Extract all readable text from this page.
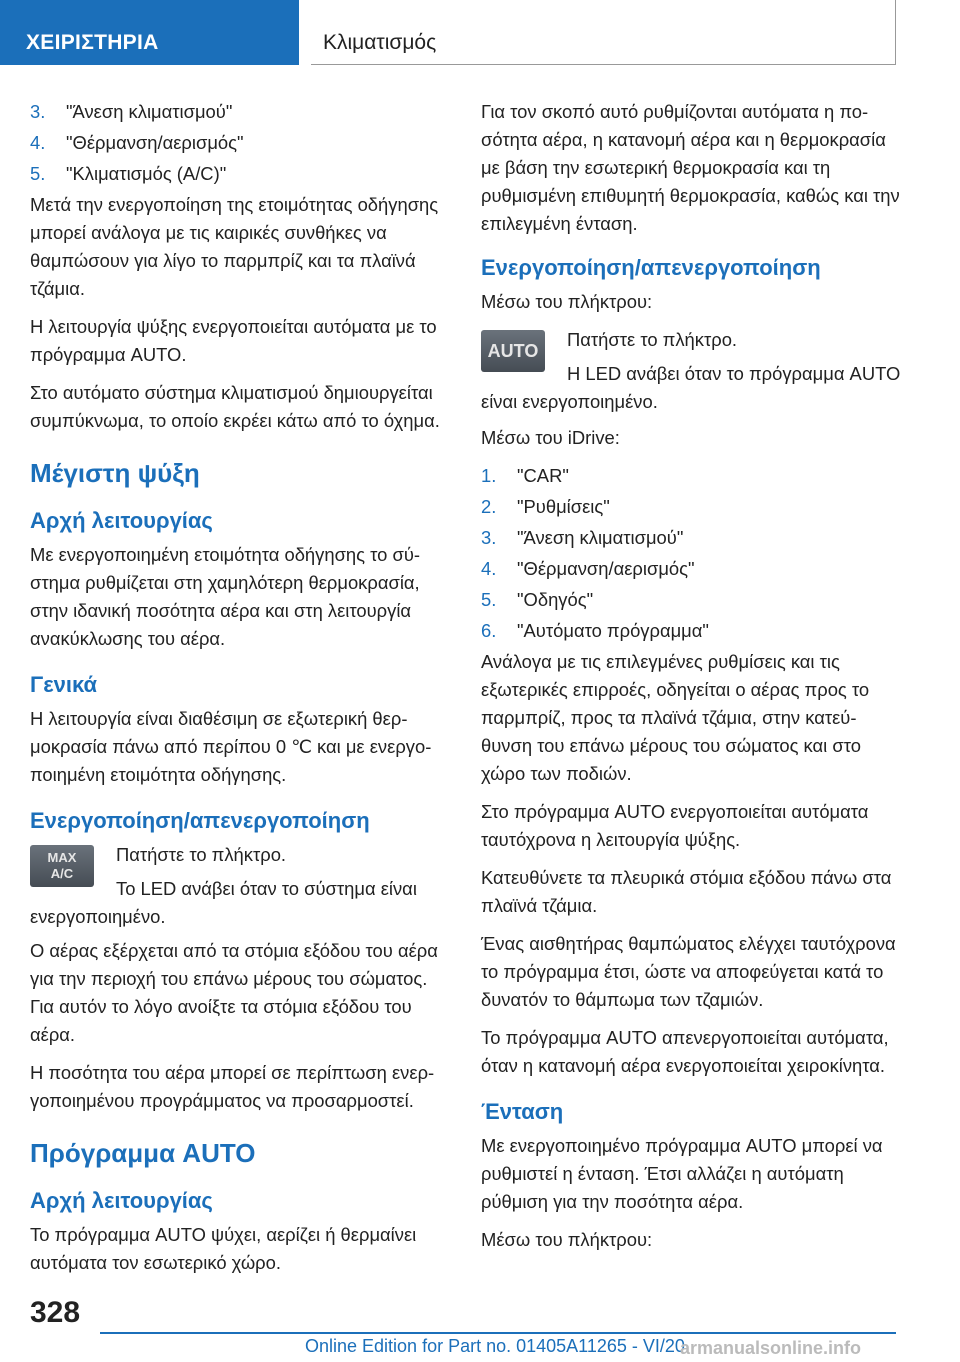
ΧΕΙΡΙΣΤΗΡΙΑ	Κλιματισμός
3.	"Άνεση κλιματισμού"
4.	"Θέρμανση/αερισμός"
5.	"Κλιματισμός (A/C)"

Μετά την ενεργοποίηση της ετοιμότητας οδήγησης μπορεί ανάλογα με τις καιρικές συνθήκες να θαμπώσουν για λίγο το παρμπρίζ και τα πλαϊνά τζάμια.

Η λειτουργία ψύξης ενεργοποιείται αυτόματα με το πρόγραμμα AUTO.

Στο αυτόματο σύστημα κλιματισμού δημιουργείται συμπύκνωμα, το οποίο εκρέει κάτω από το όχημα.

Μέγιστη ψύξη
Αρχή λειτουργίας

Με ενεργοποιημένη ετοιμότητα οδήγησης το σύστημα ρυθμίζεται στη χαμηλότερη θερμοκρασία, στην ιδανική ποσότητα αέρα και στη λειτουργία ανακύκλωσης του αέρα.

Γενικά

Η λειτουργία είναι διαθέσιμη σε εξωτερική θερμοκρασία πάνω από περίπου 0 ℃ και με ενεργοποιημένη ετοιμότητα οδήγησης.

Ενεργοποίηση/απενεργοποίηση
MAX
A/C
Πατήστε το πλήκτρο.
Το LED ανάβει όταν το σύστημα είναι ενεργοποιημένο.

Ο αέρας εξέρχεται από τα στόμια εξόδου του αέρα για την περιοχή του επάνω μέρους του σώματος. Για αυτόν το λόγο ανοίξτε τα στόμια εξόδου του αέρα.

Η ποσότητα του αέρα μπορεί σε περίπτωση ενεργοποιημένου προγράμματος να προσαρμοστεί.

Πρόγραμμα AUTO
Αρχή λειτουργίας

Το πρόγραμμα AUTO ψύχει, αερίζει ή θερμαίνει αυτόματα τον εσωτερικό χώρο.

Για τον σκοπό αυτό ρυθμίζονται αυτόματα η ποσότητα αέρα, η κατανομή αέρα και η θερμοκρασία με βάση την εσωτερική θερμοκρασία και τη ρυθμισμένη επιθυμητή θερμοκρασία, καθώς και την επιλεγμένη ένταση.

Ενεργοποίηση/απενεργοποίηση

Μέσω του πλήκτρου:

AUTO
Πατήστε το πλήκτρο.
Η LED ανάβει όταν το πρόγραμμα AUTO είναι ενεργοποιημένο.

Μέσω του iDrive:

1.	"CAR"
2.	"Ρυθμίσεις"
3.	"Άνεση κλιματισμού"
4.	"Θέρμανση/αερισμός"
5.	"Οδηγός"
6.	"Αυτόματο πρόγραμμα"

Ανάλογα με τις επιλεγμένες ρυθμίσεις και τις εξωτερικές επιρροές, οδηγείται ο αέρας προς το παρμπρίζ, προς τα πλαϊνά τζάμια, στην κατεύθυνση του επάνω μέρους του σώματος και στο χώρο των ποδιών.

Στο πρόγραμμα AUTO ενεργοποιείται αυτόματα ταυτόχρονα η λειτουργία ψύξης.

Κατευθύνετε τα πλευρικά στόμια εξόδου πάνω στα πλαϊνά τζάμια.

Ένας αισθητήρας θαμπώματος ελέγχει ταυτόχρονα το πρόγραμμα έτσι, ώστε να αποφεύγεται κατά το δυνατόν το θάμπωμα των τζαμιών.

Το πρόγραμμα AUTO απενεργοποιείται αυτόματα, όταν η κατανομή αέρα ενεργοποιείται χειροκίνητα.

Ένταση

Με ενεργοποιημένο πρόγραμμα AUTO μπορεί να ρυθμιστεί η ένταση. Έτσι αλλάζει η αυτόματη ρύθμιση για την ποσότητα αέρα.

Μέσω του πλήκτρου:

328
Online Edition for Part no. 01405A11265 - VI/20
armanualsonline.info
